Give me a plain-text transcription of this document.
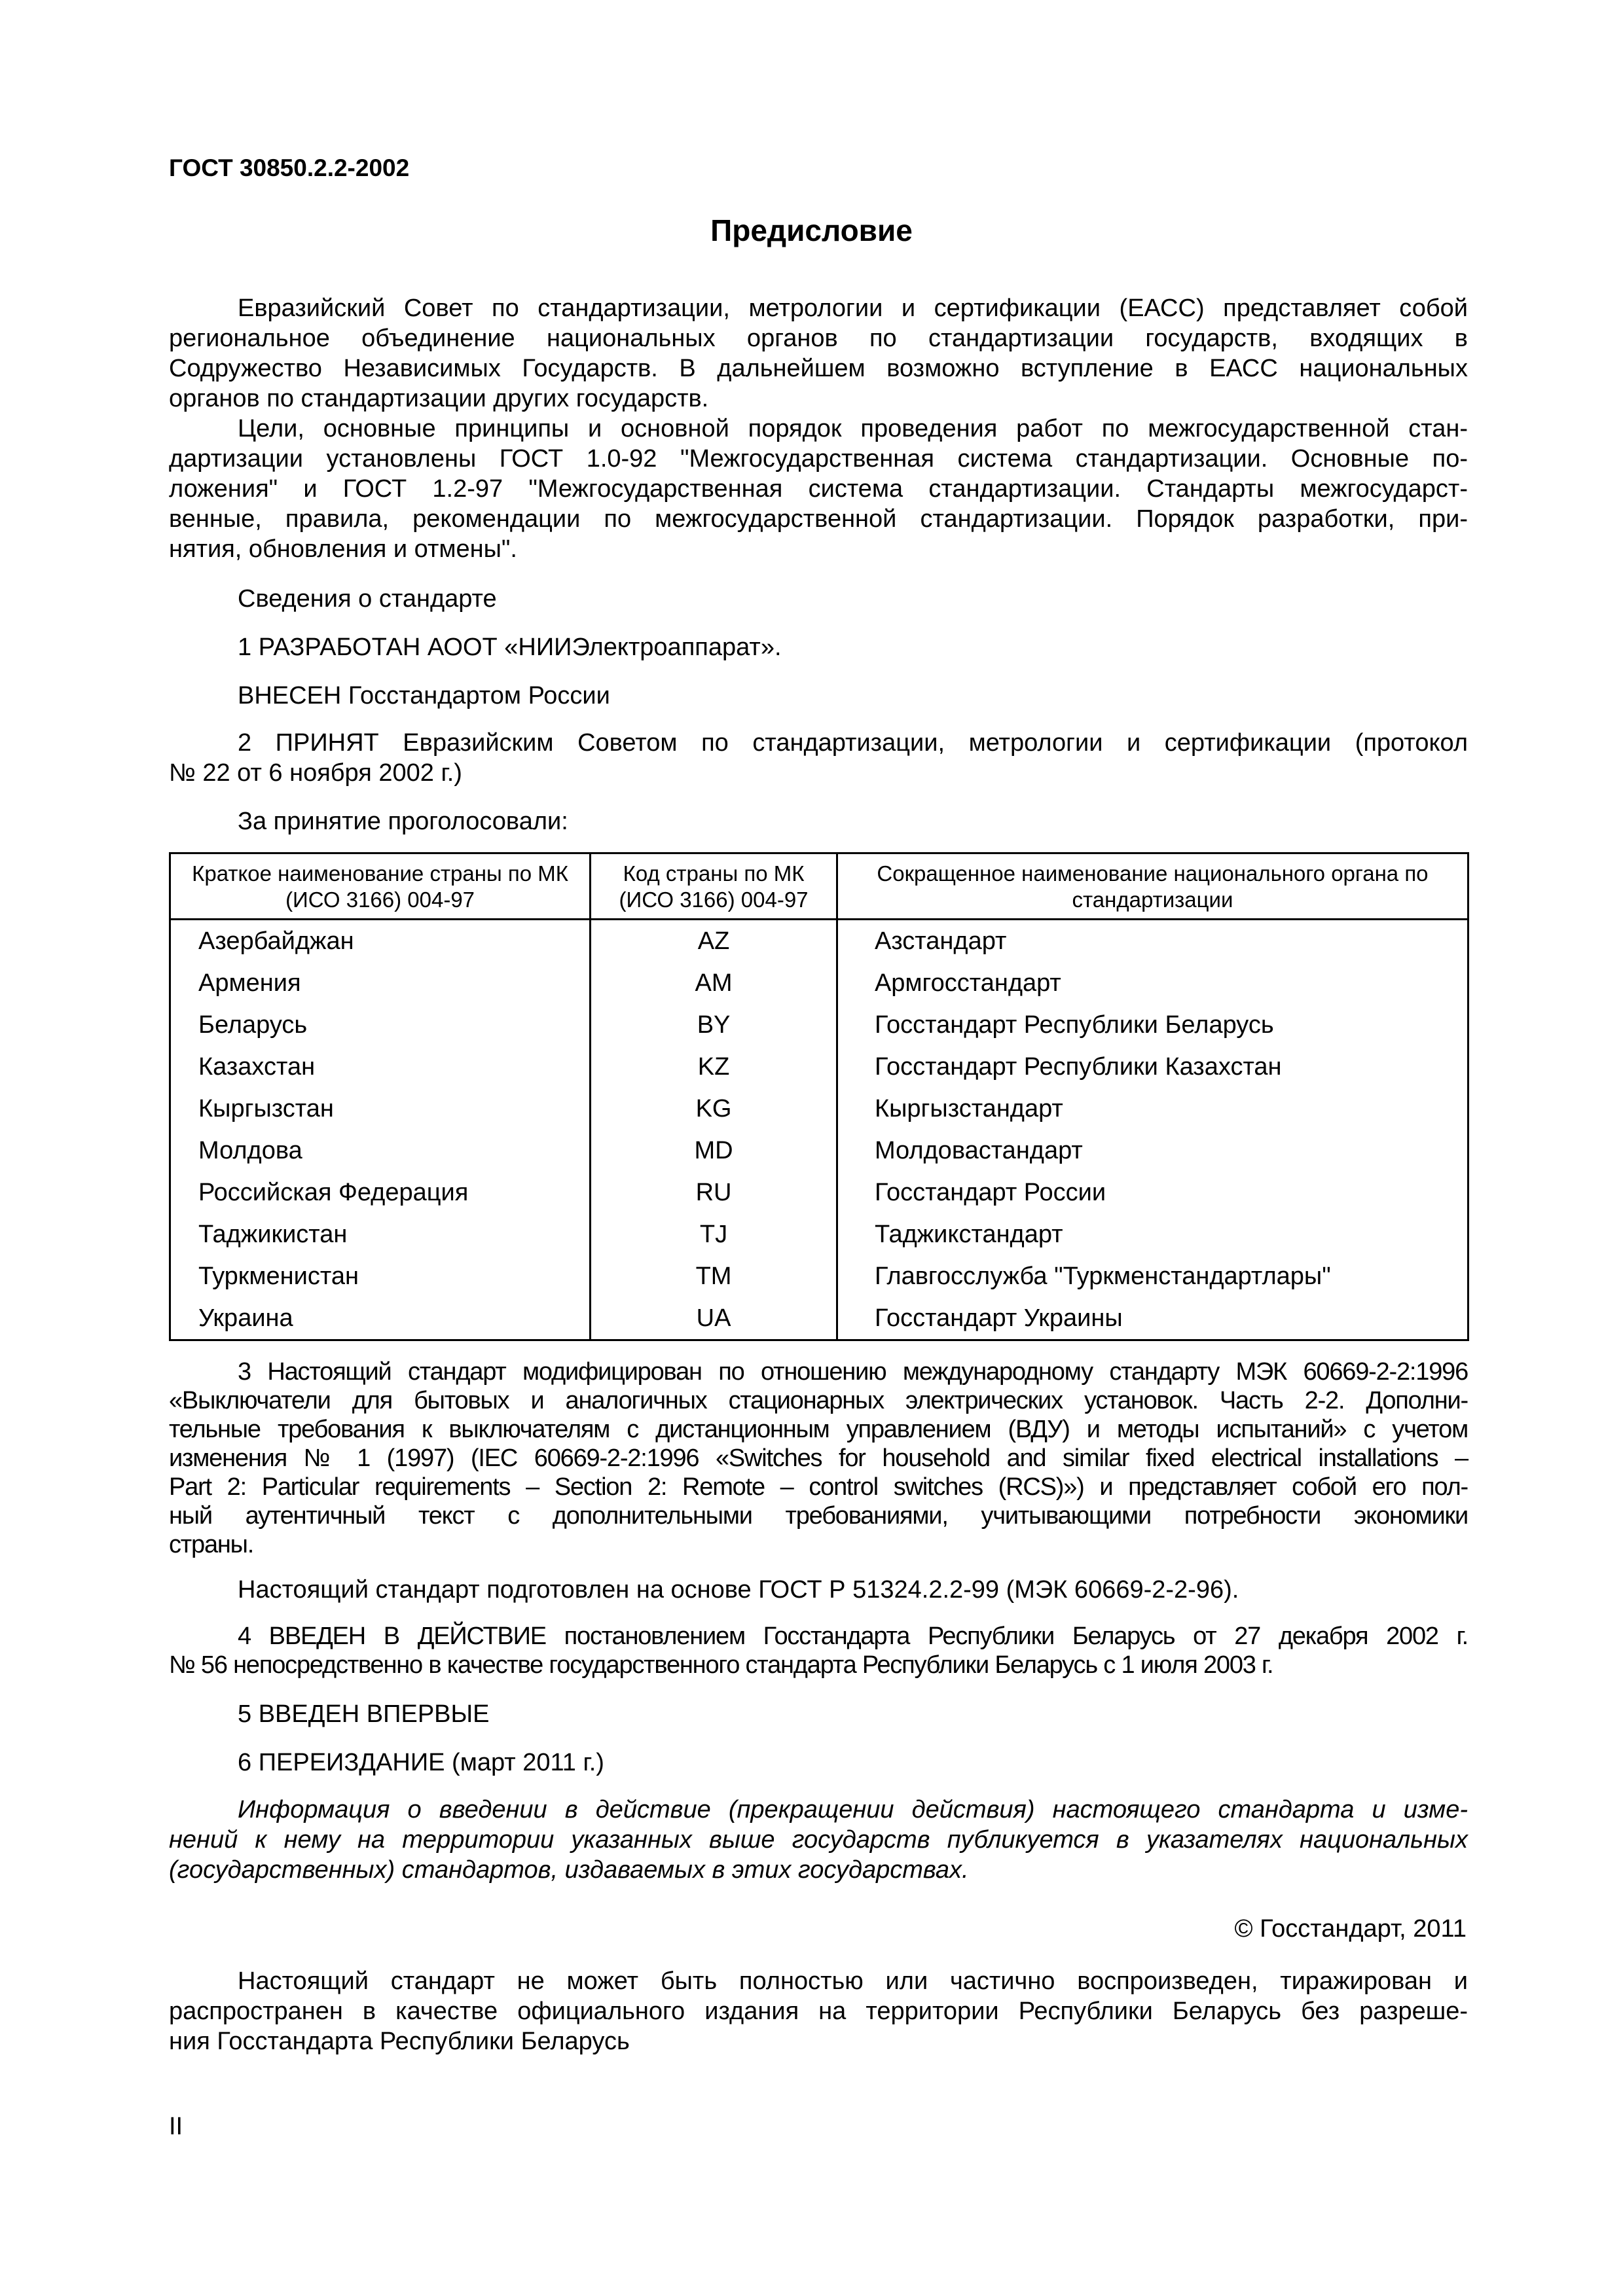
ГОСТ 30850.2.2-2002
Предисловие
Евразийский Совет по стандартизации, метрологии и сертификации (ЕАСС) представляет собой
региональное объединение национальных органов по стандартизации государств, входящих в
Содружество Независимых Государств. В дальнейшем возможно вступление в ЕАСС национальных
органов по стандартизации других государств.
Цели, основные принципы и основной порядок проведения работ по межгосударственной стан-
дартизации установлены ГОСТ 1.0-92 "Межгосударственная система стандартизации. Основные по-
ложения" и ГОСТ 1.2-97 "Межгосударственная система стандартизации. Стандарты межгосударст-
венные, правила, рекомендации по межгосударственной стандартизации. Порядок разработки, при-
нятия, обновления и отмены".
Сведения о стандарте
1 РАЗРАБОТАН АООТ «НИИЭлектроаппарат».
ВНЕСЕН Госстандартом России
2 ПРИНЯТ Евразийским Советом по стандартизации, метрологии и сертификации (протокол
№ 22 от 6 ноября 2002 г.)
За принятие проголосовали:
Краткое наименование страны по МК (ИСО 3166) 004-97	Код страны по МК (ИСО 3166) 004-97	Сокращенное наименование национального органа по стандартизации
Азербайджан	AZ	Азстандарт
Армения	AM	Армгосстандарт
Беларусь	BY	Госстандарт Республики Беларусь
Казахстан	KZ	Госстандарт Республики Казахстан
Кыргызстан	KG	Кыргызстандарт
Молдова	MD	Молдовастандарт
Российская Федерация	RU	Госстандарт России
Таджикистан	TJ	Таджикстандарт
Туркменистан	TM	Главгосслужба "Туркменстандартлары"
Украина	UA	Госстандарт Украины
3 Настоящий стандарт модифицирован по отношению международному стандарту МЭК 60669-2-2:1996
«Выключатели для бытовых и аналогичных стационарных электрических установок. Часть 2-2. Дополни-
тельные требования к выключателям с дистанционным управлением (ВДУ) и методы испытаний» с учетом
изменения № 1 (1997) (IEC 60669-2-2:1996 «Switches for household and similar fixed electrical installations –
Part 2: Particular requirements – Section 2: Remote – control switches (RCS)») и представляет собой его пол-
ный аутентичный текст с дополнительными требованиями, учитывающими потребности экономики
страны.
Настоящий стандарт подготовлен на основе ГОСТ Р 51324.2.2-99 (МЭК 60669-2-2-96).
4 ВВЕДЕН В ДЕЙСТВИЕ постановлением Госстандарта Республики Беларусь от 27 декабря 2002 г.
№ 56 непосредственно в качестве государственного стандарта Республики Беларусь с 1 июля 2003 г.
5 ВВЕДЕН ВПЕРВЫЕ
6 ПЕРЕИЗДАНИЕ (март 2011 г.)
Информация о введении в действие (прекращении действия) настоящего стандарта и изме-
нений к нему на территории указанных выше государств публикуется в указателях национальных
(государственных) стандартов, издаваемых в этих государствах.
© Госстандарт, 2011
Настоящий стандарт не может быть полностью или частично воспроизведен, тиражирован и
распространен в качестве официального издания на территории Республики Беларусь без разреше-
ния Госстандарта Республики Беларусь
II
